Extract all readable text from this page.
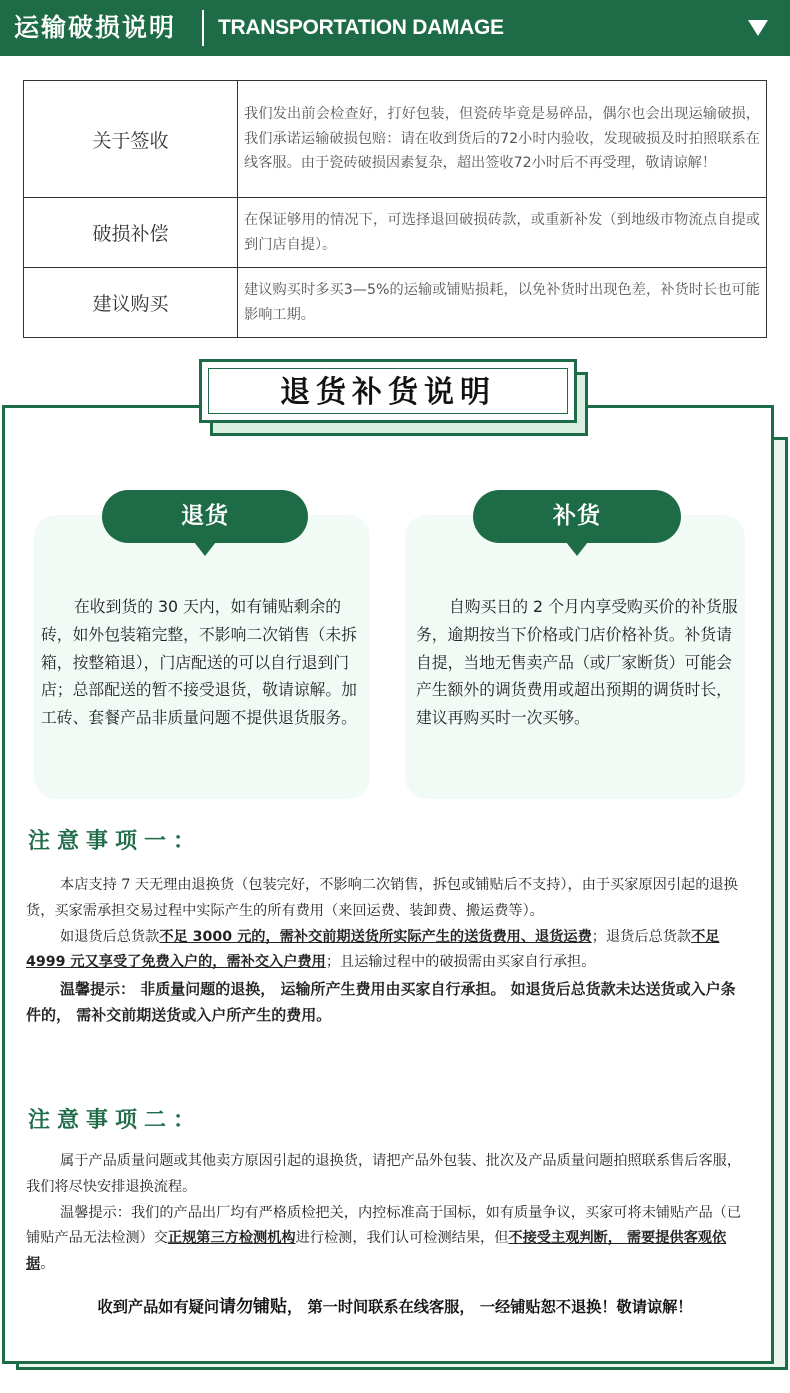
运输破损说明 TRANSPORTATION DAMAGE
关于签收	我们发出前会检查好，打好包装，但瓷砖毕竟是易碎品，偶尔也会出现运输破损，我们承诺运输破损包赔：请在收到货后的72小时内验收，发现破损及时拍照联系在线客服。由于瓷砖破损因素复杂，超出签收72小时后不再受理，敬请谅解！
破损补偿	在保证够用的情况下，可选择退回破损砖款，或重新补发（到地级市物流点自提或到门店自提）。
建议购买	建议购买时多买3—5%的运输或铺贴损耗，以免补货时出现色差，补货时长也可能影响工期。
退货补货说明
退货	补货
在收到货的 30 天内，如有铺贴剩余的砖，如外包装箱完整，不影响二次销售（未拆箱，按整箱退），门店配送的可以自行退到门店；总部配送的暂不接受退货，敬请谅解。加工砖、套餐产品非质量问题不提供退货服务。
自购买日的 2 个月内享受购买价的补货服务，逾期按当下价格或门店价格补货。补货请自提，当地无售卖产品（或厂家断货）可能会产生额外的调货费用或超出预期的调货时长，建议再购买时一次买够。
注意事项一：
本店支持 7 天无理由退换货（包装完好，不影响二次销售，拆包或铺贴后不支持），由于买家原因引起的退换货，买家需承担交易过程中实际产生的所有费用（来回运费、装卸费、搬运费等）。
如退货后总货款不足 3000 元的，需补交前期送货所实际产生的送货费用、退货运费；退货后总货款不足 4999 元又享受了免费入户的，需补交入户费用；且运输过程中的破损需由买家自行承担。
温馨提示： 非质量问题的退换， 运输所产生费用由买家自行承担。 如退货后总货款未达送货或入户条件的， 需补交前期送货或入户所产生的费用。
注意事项二：
属于产品质量问题或其他卖方原因引起的退换货，请把产品外包装、批次及产品质量问题拍照联系售后客服，我们将尽快安排退换流程。
温馨提示：我们的产品出厂均有严格质检把关，内控标准高于国标，如有质量争议，买家可将未铺贴产品（已铺贴产品无法检测）交正规第三方检测机构进行检测，我们认可检测结果，但不接受主观判断， 需要提供客观依据。
收到产品如有疑问请勿铺贴， 第一时间联系在线客服， 一经铺贴恕不退换！敬请谅解！
